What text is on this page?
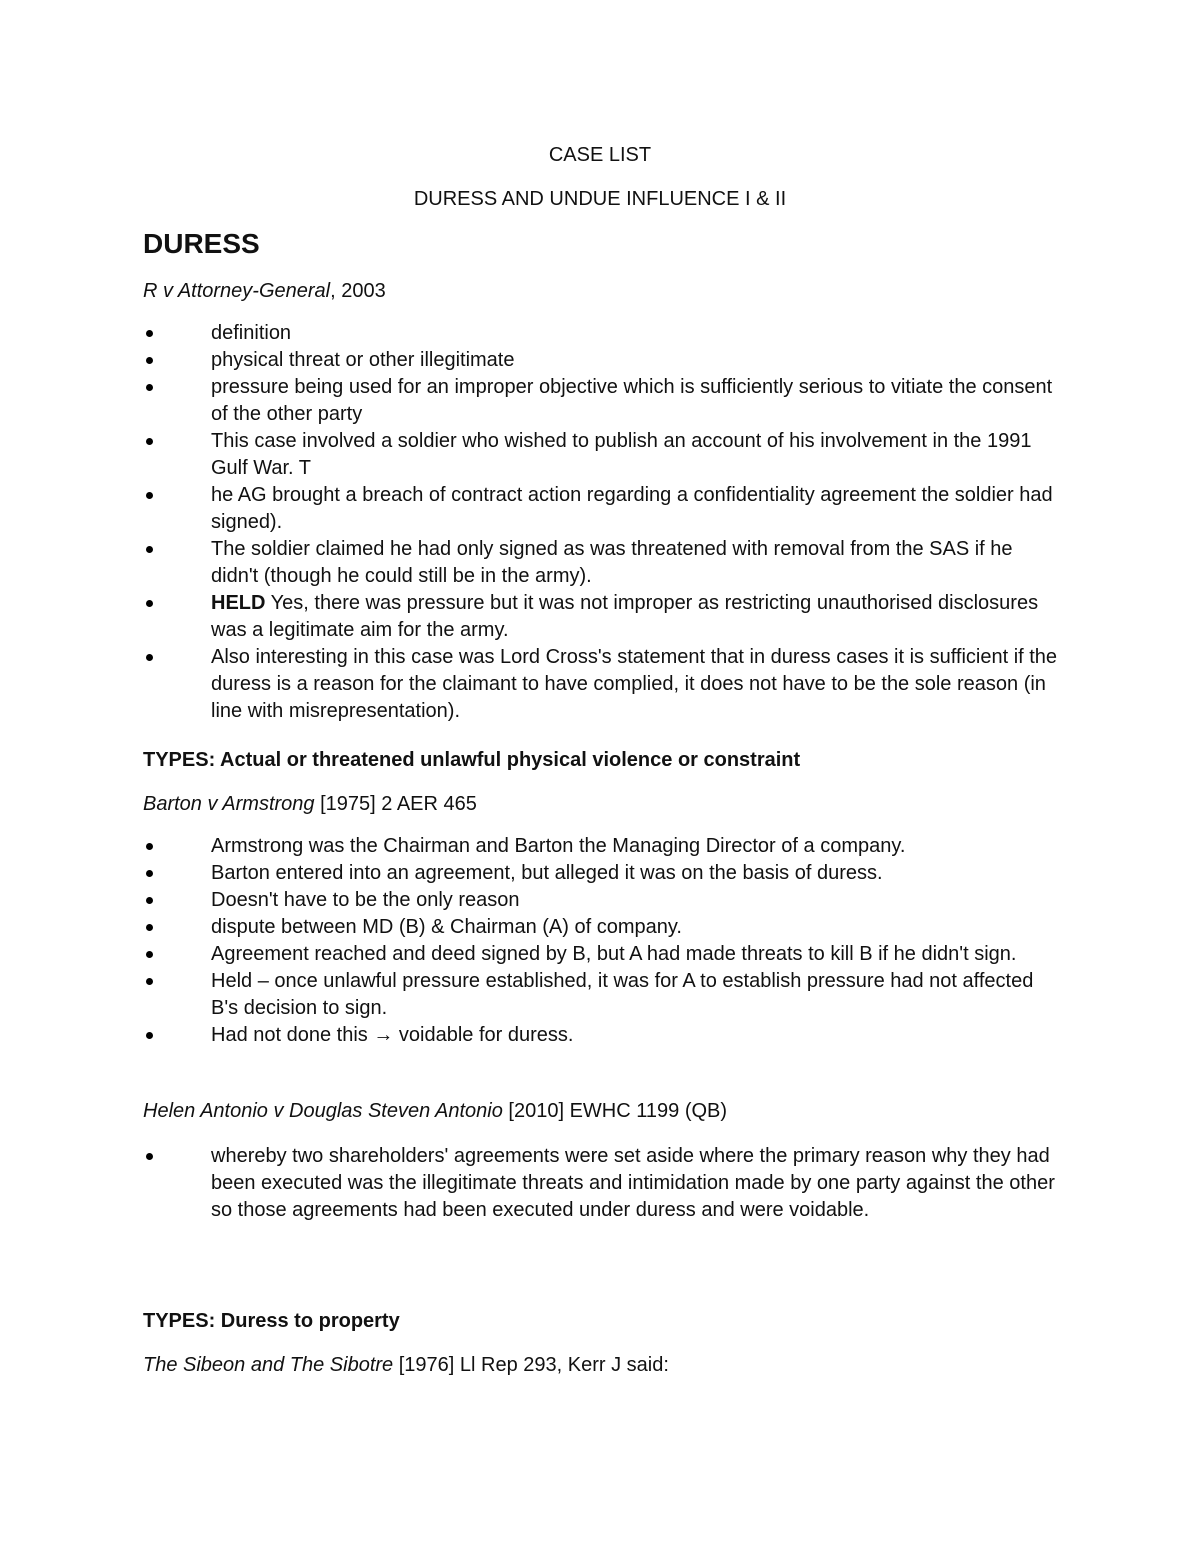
CASE LIST
DURESS AND UNDUE INFLUENCE I & II
DURESS
R v Attorney-General, 2003
definition
physical threat or other illegitimate
pressure being used for an improper objective which is sufficiently serious to vitiate the consent of the other party
This case involved a soldier who wished to publish an account of his involvement in the 1991 Gulf War. T
he AG brought a breach of contract action regarding a confidentiality agreement the soldier had signed).
The soldier claimed he had only signed as was threatened with removal from the SAS if he didn't (though he could still be in the army).
HELD Yes, there was pressure but it was not improper as restricting unauthorised disclosures was a legitimate aim for the army.
Also interesting in this case was Lord Cross's statement that in duress cases it is sufficient if the duress is a reason for the claimant to have complied, it does not have to be the sole reason (in line with misrepresentation).
TYPES: Actual or threatened unlawful physical violence or constraint
Barton v Armstrong [1975] 2 AER 465
Armstrong was the Chairman and Barton the Managing Director of a company.
Barton entered into an agreement, but alleged it was on the basis of duress.
Doesn't have to be the only reason
dispute between MD (B) & Chairman (A) of company.
Agreement reached and deed signed by B, but A had made threats to kill B if he didn't sign.
Held – once unlawful pressure established, it was for A to establish pressure had not affected B's decision to sign.
Had not done this → voidable for duress.
Helen Antonio v Douglas Steven Antonio [2010] EWHC 1199 (QB)
whereby two shareholders' agreements were set aside where the primary reason why they had been executed was the illegitimate threats and intimidation made by one party against the other so those agreements had been executed under duress and were voidable.
TYPES: Duress to property
The Sibeon and The Sibotre [1976] Ll Rep 293, Kerr J said:
